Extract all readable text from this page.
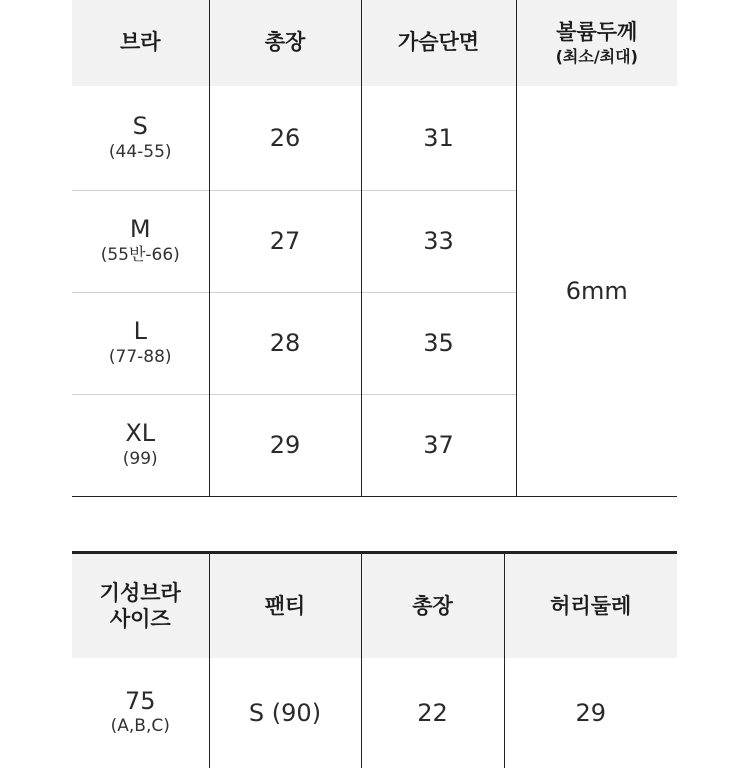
브라	총장	가슴단면	볼륨두께
(최소/최대)

S
(44-55)	26	31	6mm

M
(55반-66)	27	33	

L
(77-88)	28	35	

XL
(99)	29	37	
기성브라
사이즈	팬티	총장	허리둘레

75
(A,B,C)	S (90)	22	29
